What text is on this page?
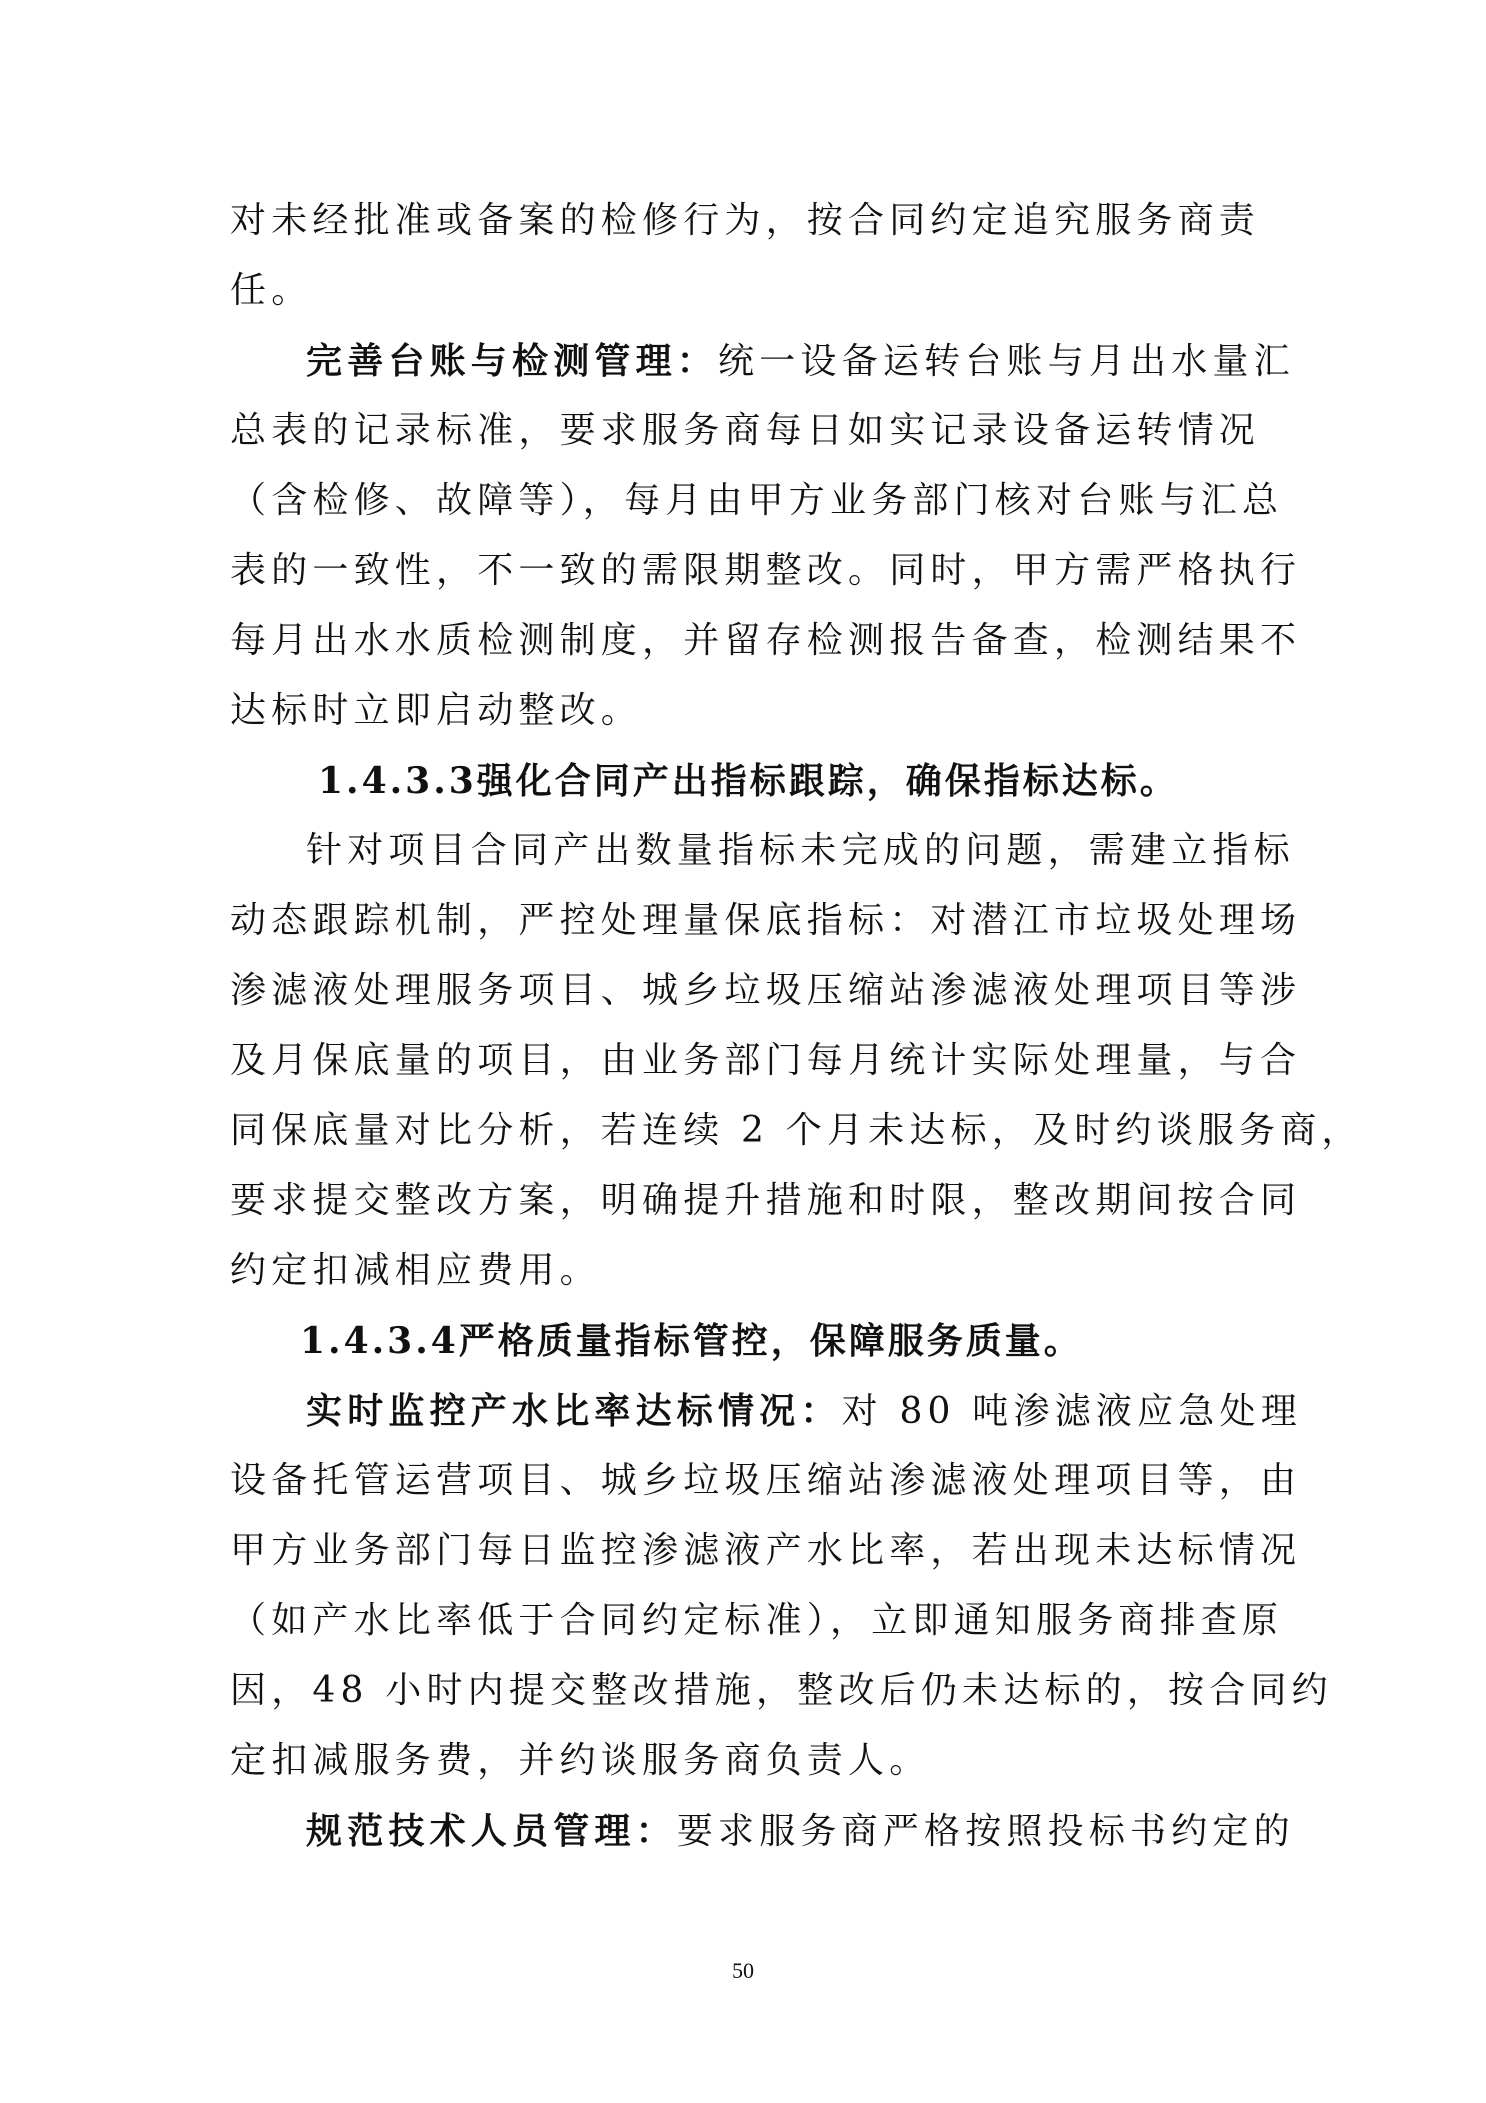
对未经批准或备案的检修行为，按合同约定追究服务商责
任。
完善台账与检测管理：统一设备运转台账与月出水量汇
总表的记录标准，要求服务商每日如实记录设备运转情况
（含检修、故障等），每月由甲方业务部门核对台账与汇总
表的一致性，不一致的需限期整改。同时，甲方需严格执行
每月出水水质检测制度，并留存检测报告备查，检测结果不
达标时立即启动整改。
1.4.3.3强化合同产出指标跟踪，确保指标达标。
针对项目合同产出数量指标未完成的问题，需建立指标
动态跟踪机制，严控处理量保底指标：对潜江市垃圾处理场
渗滤液处理服务项目、城乡垃圾压缩站渗滤液处理项目等涉
及月保底量的项目，由业务部门每月统计实际处理量，与合
同保底量对比分析，若连续 2 个月未达标，及时约谈服务商，
要求提交整改方案，明确提升措施和时限，整改期间按合同
约定扣减相应费用。
1.4.3.4严格质量指标管控，保障服务质量。
实时监控产水比率达标情况：对 80 吨渗滤液应急处理
设备托管运营项目、城乡垃圾压缩站渗滤液处理项目等，由
甲方业务部门每日监控渗滤液产水比率，若出现未达标情况
（如产水比率低于合同约定标准），立即通知服务商排查原
因，48 小时内提交整改措施，整改后仍未达标的，按合同约
定扣减服务费，并约谈服务商负责人。
规范技术人员管理：要求服务商严格按照投标书约定的
50
